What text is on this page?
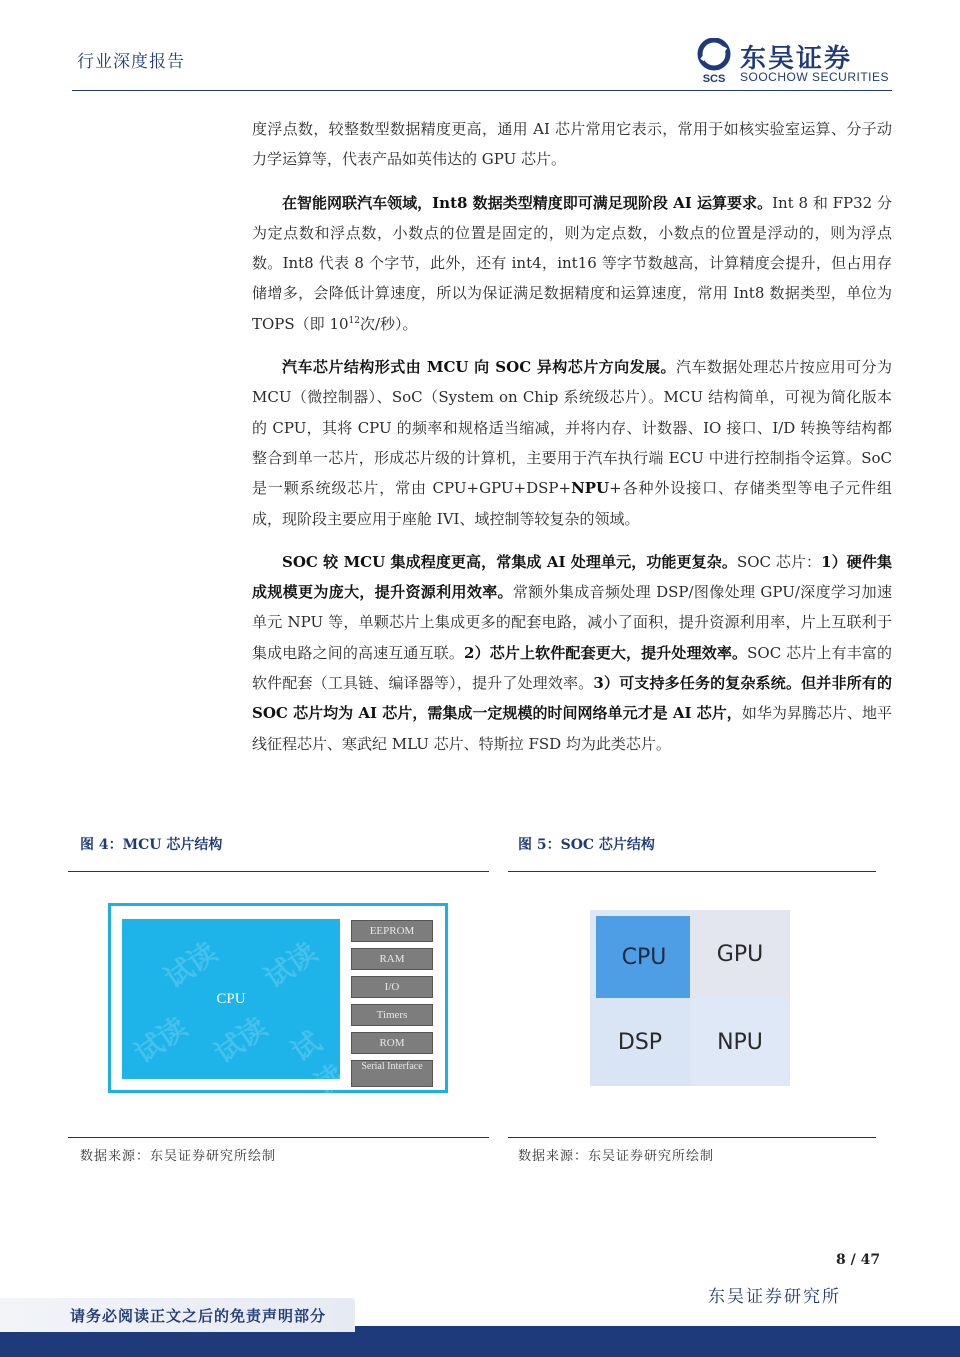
行业深度报告
SCS
东吴证券
SOOCHOW SECURITIES

度浮点数，较整数型数据精度更高，通用 AI 芯片常用它表示，常用于如核实验室运算、分子动力学运算等，代表产品如英伟达的 GPU 芯片。

在智能网联汽车领域，Int8 数据类型精度即可满足现阶段 AI 运算要求。Int 8 和 FP32 分为定点数和浮点数，小数点的位置是固定的，则为定点数，小数点的位置是浮动的，则为浮点数。Int8 代表 8 个字节，此外，还有 int4，int16 等字节数越高，计算精度会提升，但占用存储增多，会降低计算速度，所以为保证满足数据精度和运算速度，常用 Int8 数据类型，单位为 TOPS（即 $10^{12}$次/秒）。

汽车芯片结构形式由 MCU 向 SOC 异构芯片方向发展。汽车数据处理芯片按应用可分为 MCU（微控制器）、SoC（System on Chip 系统级芯片）。MCU 结构简单，可视为简化版本的 CPU，其将 CPU 的频率和规格适当缩减，并将内存、计数器、IO 接口、I/D 转换等结构都整合到单一芯片，形成芯片级的计算机，主要用于汽车执行端 ECU 中进行控制指令运算。SoC 是一颗系统级芯片，常由 CPU+GPU+DSP+NPU+各种外设接口、存储类型等电子元件组成，现阶段主要应用于座舱 IVI、域控制等较复杂的领域。

SOC 较 MCU 集成程度更高，常集成 AI 处理单元，功能更复杂。SOC 芯片：1）硬件集成规模更为庞大，提升资源利用效率。常额外集成音频处理 DSP/图像处理 GPU/深度学习加速单元 NPU 等，单颗芯片上集成更多的配套电路，减小了面积，提升资源利用率，片上互联利于集成电路之间的高速互通互联。2）芯片上软件配套更大，提升处理效率。SOC 芯片上有丰富的软件配套（工具链、编译器等），提升了处理效率。3）可支持多任务的复杂系统。但并非所有的 SOC 芯片均为 AI 芯片，需集成一定规模的时间网络单元才是 AI 芯片，如华为昇腾芯片、地平线征程芯片、寒武纪 MLU 芯片、特斯拉 FSD 均为此类芯片。

图 4：MCU 芯片结构
CPU
试读 试读
试读 试读 试读
EEPROM
RAM
I/O
Timers
ROM
Serial Interface
数据来源：东吴证券研究所绘制
图 5：SOC 芯片结构
CPU	GPU
DSP	NPU
数据来源：东吴证券研究所绘制
8 / 47
东吴证券研究所
请务必阅读正文之后的免责声明部分
